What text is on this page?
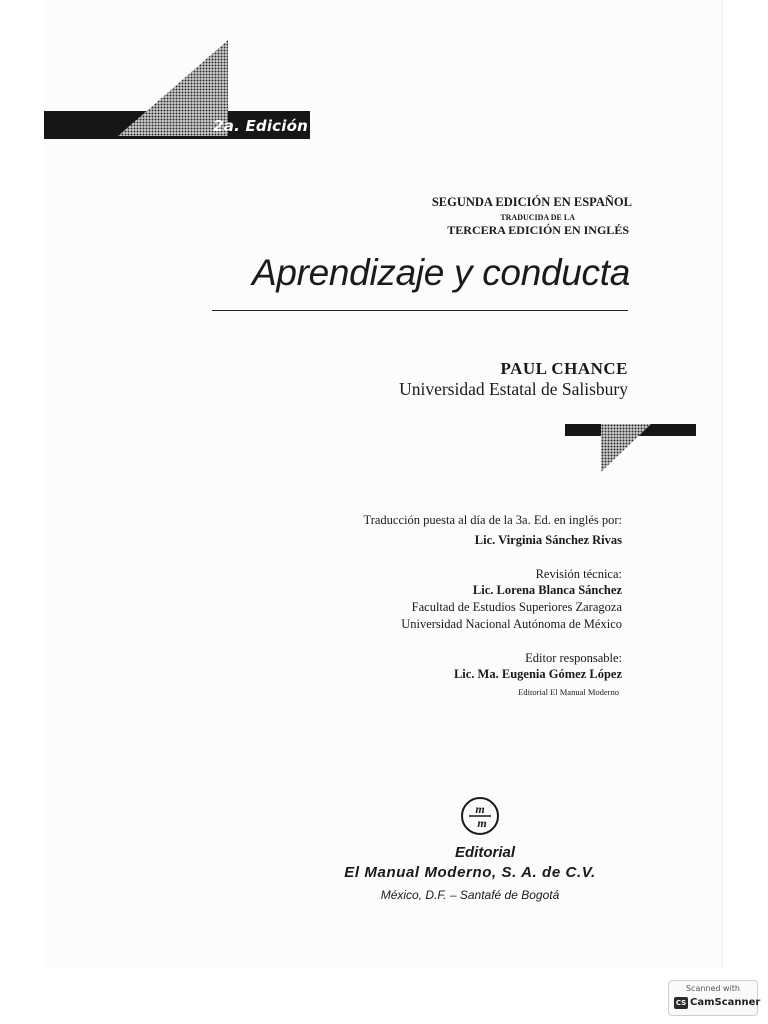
2a. Edición
SEGUNDA EDICIÓN EN ESPAÑOL
TRADUCIDA DE LA
TERCERA EDICIÓN EN INGLÉS
Aprendizaje y conducta
PAUL CHANCE
Universidad Estatal de Salisbury
Traducción puesta al día de la 3a. Ed. en inglés por:
Lic. Virginia Sánchez Rivas
Revisión técnica:
Lic. Lorena Blanca Sánchez
Facultad de Estudios Superiores Zaragoza
Universidad Nacional Autónoma de México
Editor responsable:
Lic. Ma. Eugenia Gómez López
Editorial El Manual Moderno
m
m
Editorial
El Manual Moderno, S. A. de C.V.
México, D.F. – Santafé de Bogotá
Scanned with
CS CamScanner
